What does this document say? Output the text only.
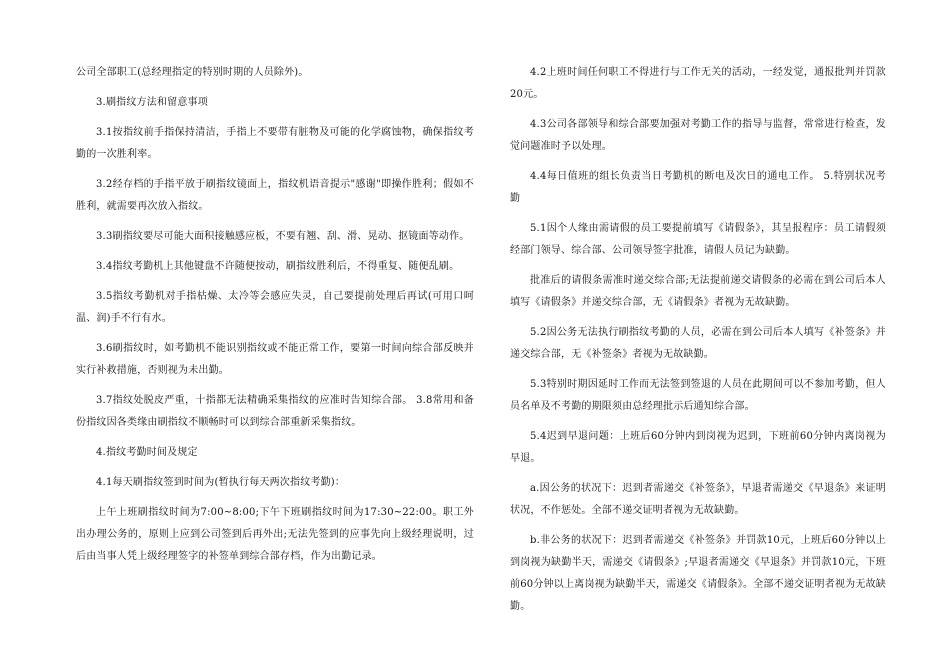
公司全部职工(总经理指定的特别时期的人员除外)。

3.刷指纹方法和留意事项

3.1按指纹前手指保持清洁，手指上不要带有脏物及可能的化学腐蚀物，确保指纹考勤的一次胜利率。

3.2经存档的手指平放于刷指纹镜面上，指纹机语音提示"感谢"即操作胜利；假如不胜利，就需要再次放入指纹。

3.3刷指纹要尽可能大面积接触感应板，不要有翘、刮、滑、晃动、抠镜面等动作。

3.4指纹考勤机上其他键盘不许随便按动，刷指纹胜利后，不得重复、随便乱刷。

3.5指纹考勤机对手指枯燥、太冷等会感应失灵，自己要提前处理后再试(可用口呵温、润)手不行有水。

3.6刷指纹时，如考勤机不能识别指纹或不能正常工作，要第一时间向综合部反映并实行补救措施，否则视为未出勤。

3.7指纹处脱皮严重，十指都无法精确采集指纹的应准时告知综合部。 3.8常用和备份指纹因各类缘由刷指纹不顺畅时可以到综合部重新采集指纹。

4.指纹考勤时间及规定

4.1每天刷指纹签到时间为(暂执行每天两次指纹考勤)：

上午上班刷指纹时间为7:00~8:00;下午下班刷指纹时间为17:30~22:00。职工外出办理公务的，原则上应到公司签到后再外出;无法先签到的应事先向上级经理说明，过后由当事人凭上级经理签字的补签单到综合部存档，作为出勤记录。

4.2上班时间任何职工不得进行与工作无关的活动，一经发觉，通报批判并罚款20元。

4.3公司各部领导和综合部要加强对考勤工作的指导与监督，常常进行检查，发觉问题准时予以处理。

4.4每日值班的组长负责当日考勤机的断电及次日的通电工作。 5.特别状况考勤

5.1因个人缘由需请假的员工要提前填写《请假条》，其呈报程序：员工请假须经部门领导、综合部、公司领导签字批准，请假人员记为缺勤。

批准后的请假条需准时递交综合部;无法提前递交请假条的必需在到公司后本人填写《请假条》并递交综合部，无《请假条》者视为无故缺勤。

5.2因公务无法执行刷指纹考勤的人员，必需在到公司后本人填写《补签条》并递交综合部，无《补签条》者视为无故缺勤。

5.3特别时期因延时工作而无法签到签退的人员在此期间可以不参加考勤，但人员名单及不考勤的期限须由总经理批示后通知综合部。

5.4迟到早退问题：上班后60分钟内到岗视为迟到，下班前60分钟内离岗视为早退。

a.因公务的状况下：迟到者需递交《补签条》，早退者需递交《早退条》来证明状况，不作惩处。全部不递交证明者视为无故缺勤。

b.非公务的状况下：迟到者需递交《补签条》并罚款10元，上班后60分钟以上到岗视为缺勤半天，需递交《请假条》;早退者需递交《早退条》并罚款10元，下班前60分钟以上离岗视为缺勤半天，需递交《请假条》。全部不递交证明者视为无故缺勤。
